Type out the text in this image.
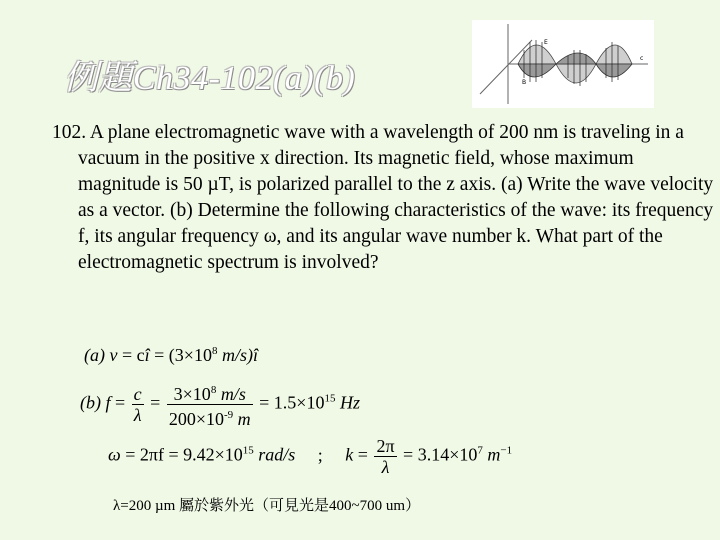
例題Ch34-102(a)(b)
E
B
c
102. A plane electromagnetic wave with a wavelength of 200 nm is traveling in a vacuum in the positive x direction. Its magnetic field, whose maximum magnitude is 50 µT, is polarized parallel to the z axis. (a) Write the wave velocity as a vector. (b) Determine the following characteristics of the wave: its frequency f, its angular frequency ω, and its angular wave number k. What part of the electromagnetic spectrum is involved?
(a) v = cî = ($3\times 10^8$ m/s)î
(b) $f = \frac{c}{\lambda} = \frac{3\times 10^8 m/s}{200\times 10^{-9} m} = 1.5\times 10^{15}$ Hz
$\omega = 2\pi f = 9.42\times 10^{15}$ rad/s ; $k = \frac{2\pi}{\lambda} = 3.14\times 10^7$ $m^{-1}$
λ=200 µm 屬於紫外光（可見光是400~700 um）
